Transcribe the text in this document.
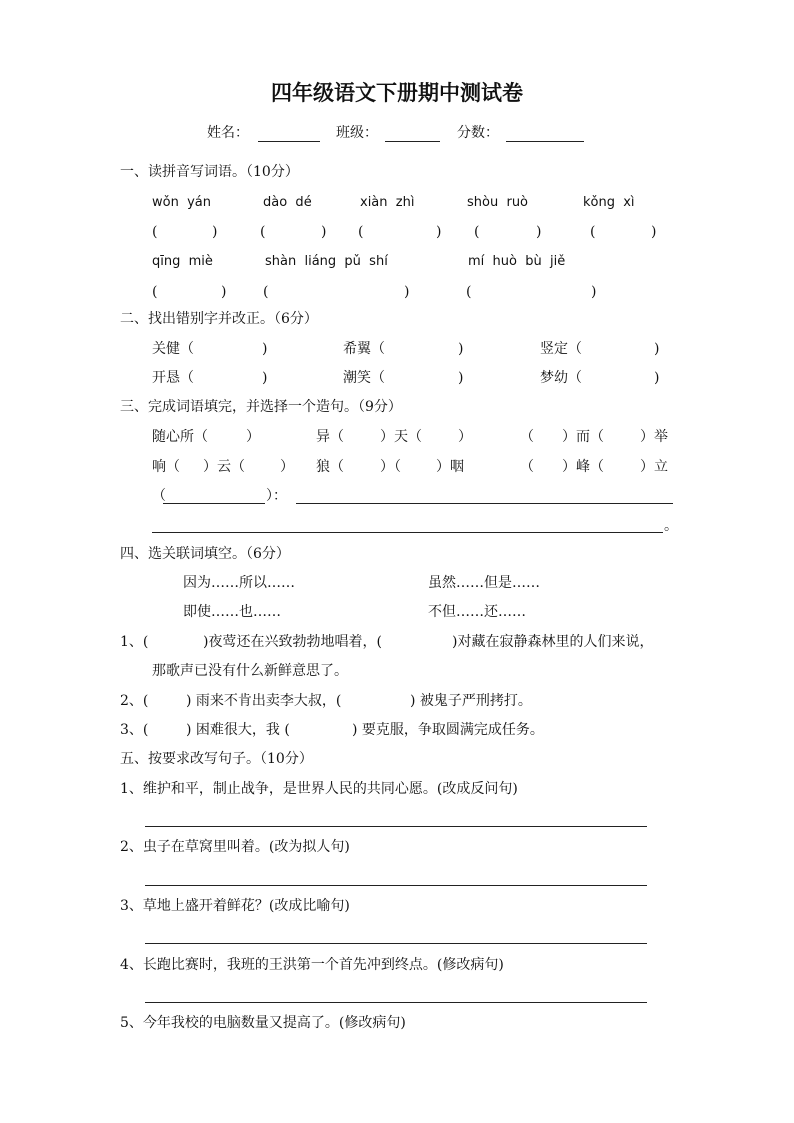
四年级语文下册期中测试卷
姓名：	班级：	分数：
一、读拼音写词语。（10分）
wǒn  yán	dào  dé	xiàn  zhì	shòu  ruò	kǒng  xì
(	)	(	) (	) (	)	(	)
qīng  miè	shàn  liáng  pǔ  shí	mí  huò  bù  jiě
(	)	(	)	(	)
二、找出错别字并改正。（6分）
关健（	)	希翼（	)	竖定（	)
开恳（	)	潮笑（	)	梦幼（	)
三、完成词语填完，并选择一个造句。（9分）
随心所（	）	异（	）天（	）	（ ）而（	）举
响（ ）云（	） 狼（	）（	）咽	（ ）峰（	）立
（	）：
。
四、选关联词填空。（6分）
因为……所以……	虽然……但是……
即使……也……	不但……还……
1、(	)夜莺还在兴致勃勃地唱着，(	)对藏在寂静森林里的人们来说，
那歌声已没有什么新鲜意思了。
2、(	) 雨来不肯出卖李大叔，(	) 被鬼子严刑拷打。
3、(	) 困难很大，我 (	) 要克服，争取圆满完成任务。
五、按要求改写句子。（10分）
1、维护和平，制止战争，是世界人民的共同心愿。(改成反问句)
2、虫子在草窝里叫着。(改为拟人句)
3、草地上盛开着鲜花？(改成比喻句)
4、长跑比赛时，我班的王洪第一个首先冲到终点。(修改病句)
5、今年我校的电脑数量又提高了。(修改病句)
